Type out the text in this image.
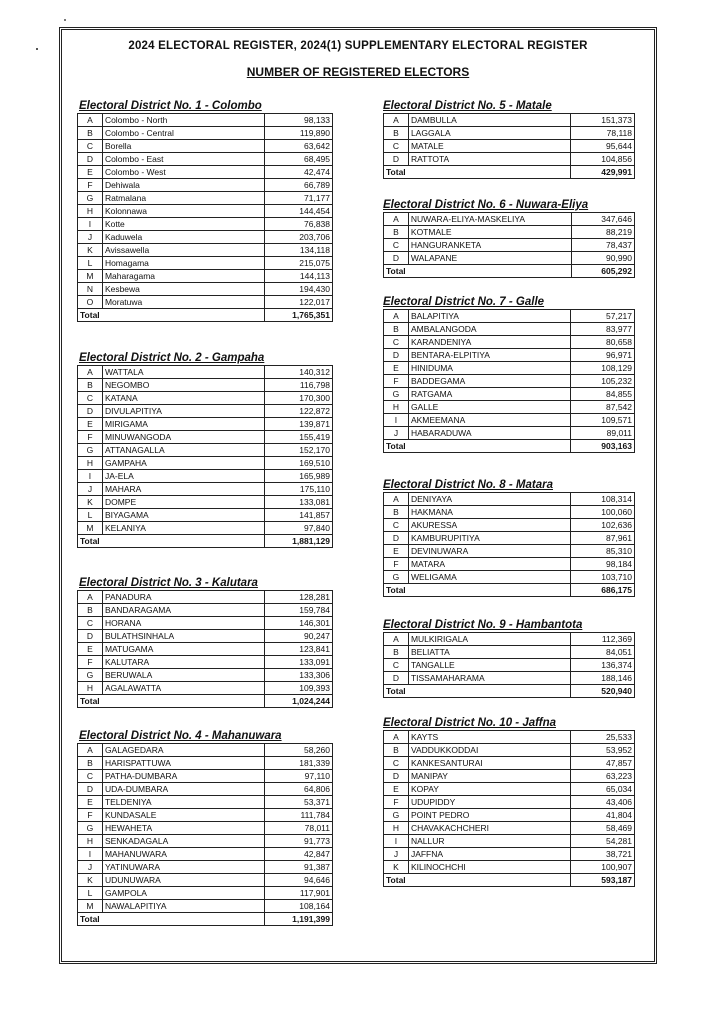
2024 ELECTORAL REGISTER, 2024(1) SUPPLEMENTARY ELECTORAL REGISTER
NUMBER OF REGISTERED ELECTORS
Electoral District No. 1 - Colombo
A	Colombo - North	98,133
B	Colombo - Central	119,890
C	Borella	63,642
D	Colombo - East	68,495
E	Colombo - West	42,474
F	Dehiwala	66,789
G	Ratmalana	71,177
H	Kolonnawa	144,454
I	Kotte	76,838
J	Kaduwela	203,706
K	Avissawella	134,118
L	Homagama	215,075
M	Maharagama	144,113
N	Kesbewa	194,430
O	Moratuwa	122,017
Total		1,765,351
Electoral District No. 2 - Gampaha
A	WATTALA	140,312
B	NEGOMBO	116,798
C	KATANA	170,300
D	DIVULAPITIYA	122,872
E	MIRIGAMA	139,871
F	MINUWANGODA	155,419
G	ATTANAGALLA	152,170
H	GAMPAHA	169,510
I	JA-ELA	165,989
J	MAHARA	175,110
K	DOMPE	133,081
L	BIYAGAMA	141,857
M	KELANIYA	97,840
Total		1,881,129
Electoral District No. 3 - Kalutara
A	PANADURA	128,281
B	BANDARAGAMA	159,784
C	HORANA	146,301
D	BULATHSINHALA	90,247
E	MATUGAMA	123,841
F	KALUTARA	133,091
G	BERUWALA	133,306
H	AGALAWATTA	109,393
Total		1,024,244
Electoral District No. 4 - Mahanuwara
A	GALAGEDARA	58,260
B	HARISPATTUWA	181,339
C	PATHA-DUMBARA	97,110
D	UDA-DUMBARA	64,806
E	TELDENIYA	53,371
F	KUNDASALE	111,784
G	HEWAHETA	78,011
H	SENKADAGALA	91,773
I	MAHANUWARA	42,847
J	YATINUWARA	91,387
K	UDUNUWARA	94,646
L	GAMPOLA	117,901
M	NAWALAPITIYA	108,164
Total		1,191,399
Electoral District No. 5 - Matale
A	DAMBULLA	151,373
B	LAGGALA	78,118
C	MATALE	95,644
D	RATTOTA	104,856
Total		429,991
Electoral District No. 6 - Nuwara-Eliya
A	NUWARA-ELIYA-MASKELIYA	347,646
B	KOTMALE	88,219
C	HANGURANKETA	78,437
D	WALAPANE	90,990
Total		605,292
Electoral District No. 7 - Galle
A	BALAPITIYA	57,217
B	AMBALANGODA	83,977
C	KARANDENIYA	80,658
D	BENTARA-ELPITIYA	96,971
E	HINIDUMA	108,129
F	BADDEGAMA	105,232
G	RATGAMA	84,855
H	GALLE	87,542
I	AKMEEMANA	109,571
J	HABARADUWA	89,011
Total		903,163
Electoral District No. 8 - Matara
A	DENIYAYA	108,314
B	HAKMANA	100,060
C	AKURESSA	102,636
D	KAMBURUPITIYA	87,961
E	DEVINUWARA	85,310
F	MATARA	98,184
G	WELIGAMA	103,710
Total		686,175
Electoral District No. 9 - Hambantota
A	MULKIRIGALA	112,369
B	BELIATTA	84,051
C	TANGALLE	136,374
D	TISSAMAHARAMA	188,146
Total		520,940
Electoral District No. 10 - Jaffna
A	KAYTS	25,533
B	VADDUKKODDAI	53,952
C	KANKESANTURAI	47,857
D	MANIPAY	63,223
E	KOPAY	65,034
F	UDUPIDDY	43,406
G	POINT PEDRO	41,804
H	CHAVAKACHCHERI	58,469
I	NALLUR	54,281
J	JAFFNA	38,721
K	KILINOCHCHI	100,907
Total		593,187
